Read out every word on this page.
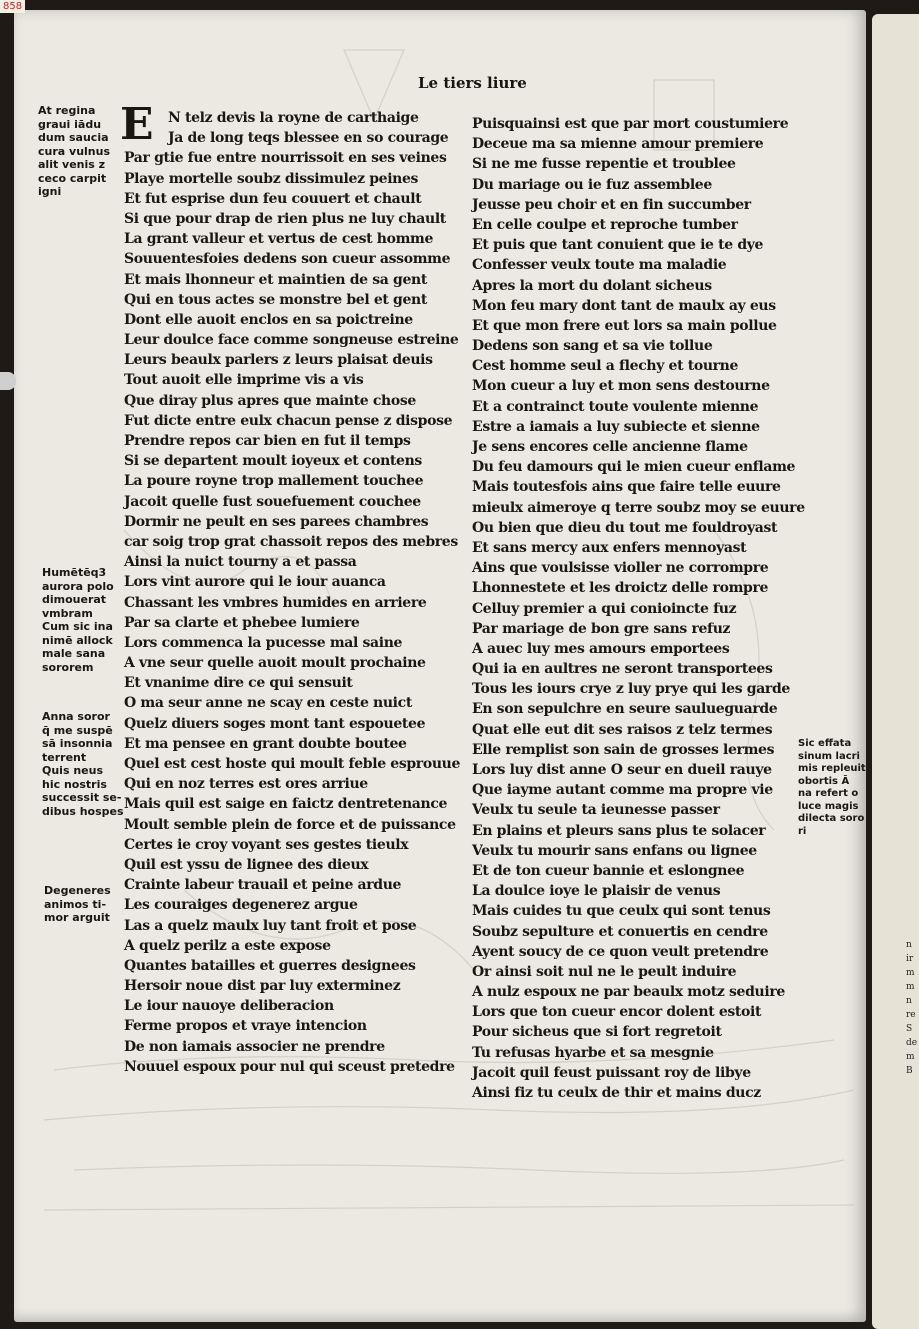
858
Le tiers liure
E	N telz devis la royne de carthaige
Ja de long teqs blessee en so courage
Par gtie fue entre nourrissoit en ses veines
Playe mortelle soubz dissimulez peines
Et fut esprise dun feu couuert et chault
Si que pour drap de rien plus ne luy chault
La grant valleur et vertus de cest homme
Souuentesfoies dedens son cueur assomme
Et mais lhonneur et maintien de sa gent
Qui en tous actes se monstre bel et gent
Dont elle auoit enclos en sa poictreine
Leur doulce face comme songneuse estreine
Leurs beaulx parlers z leurs plaisat deuis
Tout auoit elle imprime vis a vis
Que diray plus apres que mainte chose
Fut dicte entre eulx chacun pense z dispose
Prendre repos car bien en fut il temps
Si se departent moult ioyeux et contens
La poure royne trop mallement touchee
Jacoit quelle fust souefuement couchee
Dormir ne peult en ses parees chambres
car soig trop grat chassoit repos des mebres
Ainsi la nuict tourny a et passa
Lors vint aurore qui le iour auanca
Chassant les vmbres humides en arriere
Par sa clarte et phebee lumiere
Lors commenca la pucesse mal saine
A vne seur quelle auoit moult prochaine
Et vnanime dire ce qui sensuit
O ma seur anne ne scay en ceste nuict
Quelz diuers soges mont tant espouetee
Et ma pensee en grant doubte boutee
Quel est cest hoste qui moult feble esprouue
Qui en noz terres est ores arriue
Mais quil est saige en faictz dentretenance
Moult semble plein de force et de puissance
Certes ie croy voyant ses gestes tieulx
Quil est yssu de lignee des dieux
Crainte labeur trauail et peine ardue
Les couraiges degenerez argue
Las a quelz maulx luy tant froit et pose
A quelz perilz a este expose
Quantes batailles et guerres designees
Hersoir noue dist par luy exterminez
Le iour nauoye deliberacion
Ferme propos et vraye intencion
De non iamais associer ne prendre
Nouuel espoux pour nul qui sceust pretedre
Puisquainsi est que par mort coustumiere
Deceue ma sa mienne amour premiere
Si ne me fusse repentie et troublee
Du mariage ou ie fuz assemblee
Jeusse peu choir et en fin succumber
En celle coulpe et reproche tumber
Et puis que tant conuient que ie te dye
Confesser veulx toute ma maladie
Apres la mort du dolant sicheus
Mon feu mary dont tant de maulx ay eus
Et que mon frere eut lors sa main pollue
Dedens son sang et sa vie tollue
Cest homme seul a flechy et tourne
Mon cueur a luy et mon sens destourne
Et a contrainct toute voulente mienne
Estre a iamais a luy subiecte et sienne
Je sens encores celle ancienne flame
Du feu damours qui le mien cueur enflame
Mais toutesfois ains que faire telle euure
mieulx aimeroye q terre soubz moy se euure
Ou bien que dieu du tout me fouldroyast
Et sans mercy aux enfers mennoyast
Ains que voulsisse violler ne corrompre
Lhonnestete et les droictz delle rompre
Celluy premier a qui conioincte fuz
Par mariage de bon gre sans refuz
A auec luy mes amours emportees
Qui ia en aultres ne seront transportees
Tous les iours crye z luy prye qui les garde
En son sepulchre en seure saulueguarde
Quat elle eut dit ses raisos z telz termes
Elle remplist son sain de grosses lermes
Lors luy dist anne O seur en dueil rauye
Que iayme autant comme ma propre vie
Veulx tu seule ta ieunesse passer
En plains et pleurs sans plus te solacer
Veulx tu mourir sans enfans ou lignee
Et de ton cueur bannie et eslongnee
La doulce ioye le plaisir de venus
Mais cuides tu que ceulx qui sont tenus
Soubz sepulture et conuertis en cendre
Ayent soucy de ce quon veult pretendre
Or ainsi soit nul ne le peult induire
A nulz espoux ne par beaulx motz seduire
Lors que ton cueur encor dolent estoit
Pour sicheus que si fort regretoit
Tu refusas hyarbe et sa mesgnie
Jacoit quil feust puissant roy de libye
Ainsi fiz tu ceulx de thir et mains ducz
At regina
graui iādu
dum saucia
cura vulnus
alit venis z
ceco carpit
igni
Humētēq3
aurora polo
dimouerat
vmbram
Cum sic ina
nimē allock
male sana
sororem
Anna soror
q̄ me suspē
sā insonnia
terrent
Quis neus
hic nostris
successit se-
dibus hospes
Degeneres
animos ti-
mor arguit
Sic effata
sinum lacri
mis repleuit
obortis Ā
na refert o
luce magis
dilecta soro
ri
n
ir
m
m
n
re
S
de
m
B
